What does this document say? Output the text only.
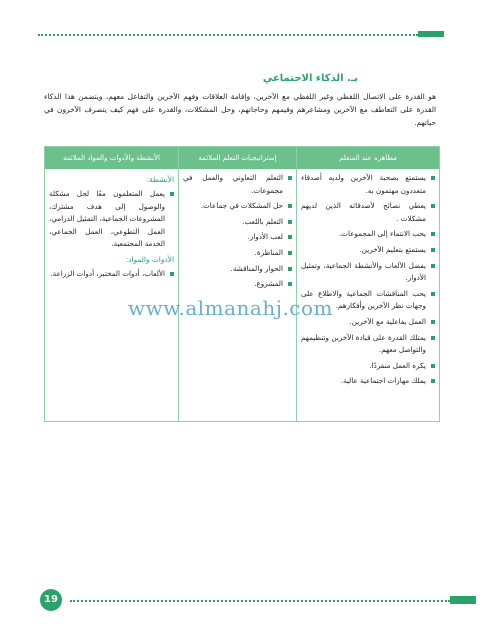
بـ. الذكاء الاجتماعي
هو القدرة على الاتصال اللفظي وغير اللفظي مع الآخرين، وإقامة العلاقات وفهم الآخرين والتفاعل معهم، ويتضمن هذا الذكاء القدرة على التعاطف مع الآخرين ومشاعرهم وقيمهم وحاجاتهم، وحل المشكلات، والقدرة على فهم كيف يتصرف الآخرون في حياتهم.
مظاهره عند المتعلم
يستمتع بصحبة الآخرين ولديه أصدقاء متعددون مهتمون به.
يعطي نصائح لأصدقائه الذين لديهم مشكلات .
يحب الانتماء إلى المجموعات.
يستمتع بتعليم الآخرين.
يفضل الألعاب والأنشطة الجماعية، وتمثيل الأدوار.
يحب المناقشات الجماعية والاطلاع على وجهات نظر الآخرين وأفكارهم.
العمل بفاعلية مع الآخرين.
يمتلك القدرة على قيادة الآخرين وتنظيمهم والتواصل معهم.
يكره العمل منفردًا.
يملك مهارات اجتماعية عالية.
إستراتيجيات التعلم الملائمة
التعلم التعاوني والعمل في مجموعات.
حل المشكلات في جماعات.
التعلم باللعب.
لعب الأدوار.
المناظرة.
الحوار والمناقشة.
المشروع.
الأنشطة والأدوات والمواد الملائمة
الأنشطة:
يعمل المتعلمون معًا لحل مشكلة والوصول إلى هدف مشترك، المشروعات الجماعية، التمثيل الدرامي، العمل التطوعي، العمل الجماعي، الخدمة المجتمعية.
الأدوات والمواد:
الألعاب، أدوات المختبر، أدوات الزراعة.
www.almanahj.com
19
